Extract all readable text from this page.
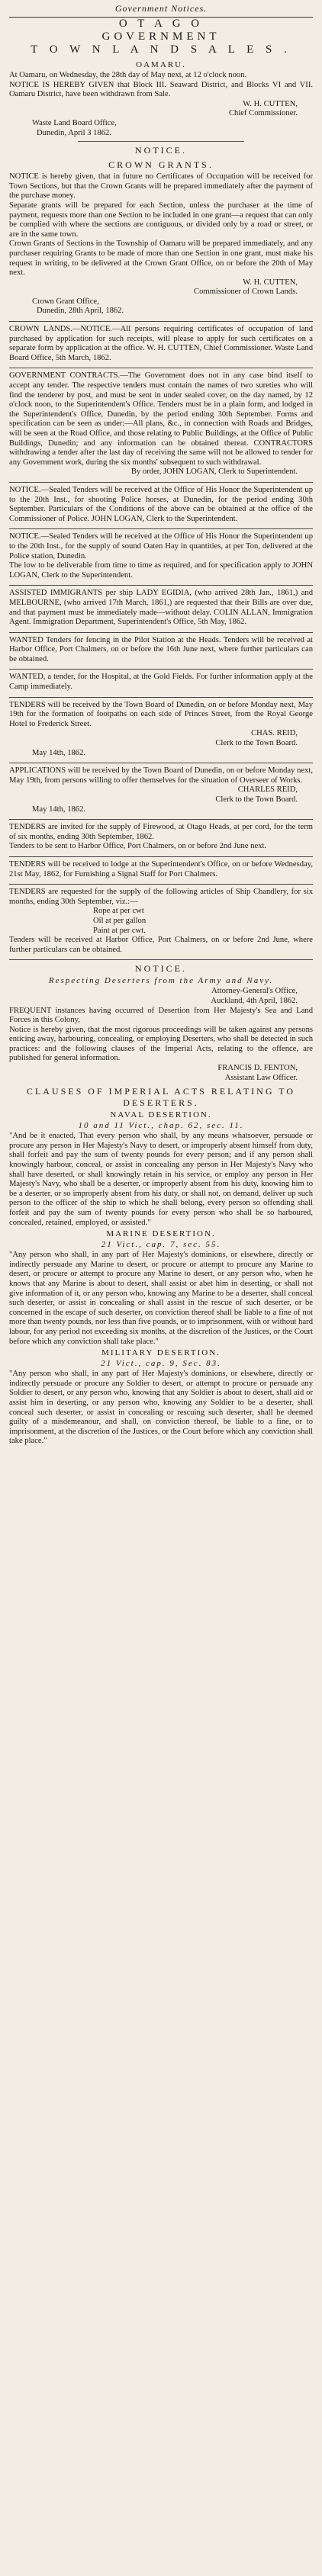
Government Notices.

O T A G O

GOVERNMENT

T O W N L A N D S A L E S .

OAMARU.

At Oamaru, on Wednesday, the 28th day of May next, at 12 o'clock noon.

NOTICE IS HEREBY GIVEN that Block III. Seaward District, and Blocks VI and VII. Oamaru District, have been withdrawn from Sale.

W. H. CUTTEN,

Chief Commissioner.

Waste Land Board Office,

Dunedin, April 3 1862.

NOTICE.

CROWN GRANTS.

NOTICE is hereby given, that in future no Certificates of Occupation will be received for Town Sections, but that the Crown Grants will be prepared immediately after the payment of the purchase money.

Separate grants will be prepared for each Section, unless the purchaser at the time of payment, requests more than one Section to be included in one grant—a request that can only be complied with where the sections are contiguous, or divided only by a road or street, or are in the same town.

Crown Grants of Sections in the Township of Oamaru will be prepared immediately, and any purchaser requiring Grants to be made of more than one Section in one grant, must make his request in writing, to be delivered at the Crown Grant Office, on or before the 20th of May next.

W. H. CUTTEN,

Commissioner of Crown Lands.

Crown Grant Office,

Dunedin, 28th April, 1862.

CROWN LANDS.—NOTICE.—All persons requiring certificates of occupation of land purchased by application for such receipts, will please to apply for such certificates on a separate form by application at the office. W. H. CUTTEN, Chief Commissioner. Waste Land Board Office, 5th March, 1862.

GOVERNMENT CONTRACTS.—The Government does not in any case bind itself to accept any tender. The respective tenders must contain the names of two sureties who will find the tenderer by post, and must be sent in under sealed cover, on the day named, by 12 o'clock noon, to the Superintendent's Office. Tenders must be in a plain form, and lodged in the Superintendent's Office, Dunedin, by the period ending 30th September. Forms and specification can be seen as under:—All plans, &c., in connection with Roads and Bridges, will be seen at the Road Office, and those relating to Public Buildings, at the Office of Public Buildings, Dunedin; and any information can be obtained thereat. CONTRACTORS withdrawing a tender after the last day of receiving the same will not be allowed to tender for any Government work, during the six months' subsequent to such withdrawal.

By order, JOHN LOGAN, Clerk to Superintendent.

NOTICE.—Sealed Tenders will be received at the Office of His Honor the Superintendent up to the 20th Inst., for shooting Police horses, at Dunedin, for the period ending 30th September. Particulars of the Conditions of the above can be obtained at the office of the Commissioner of Police. JOHN LOGAN, Clerk to the Superintendent.

NOTICE.—Sealed Tenders will be received at the Office of His Honor the Superintendent up to the 20th Inst., for the supply of sound Oaten Hay in quantities, at per Ton, delivered at the Police station, Dunedin.

The low to be deliverable from time to time as required, and for specification apply to JOHN LOGAN, Clerk to the Superintendent.

ASSISTED IMMIGRANTS per ship LADY EGIDIA, (who arrived 28th Jan., 1861,) and MELBOURNE, (who arrived 17th March, 1861,) are requested that their Bills are over due, and that payment must be immediately made—without delay. COLIN ALLAN, Immigration Agent. Immigration Department, Superintendent's Office, 5th May, 1862.

WANTED Tenders for fencing in the Pilot Station at the Heads. Tenders will be received at Harbor Office, Port Chalmers, on or before the 16th June next, where further particulars can be obtained.

WANTED, a tender, for the Hospital, at the Gold Fields. For further information apply at the Camp immediately.

TENDERS will be received by the Town Board of Dunedin, on or before Monday next, May 19th for the formation of footpaths on each side of Princes Street, from the Royal George Hotel to Frederick Street.

CHAS. REID,

Clerk to the Town Board.

May 14th, 1862.

APPLICATIONS will be received by the Town Board of Dunedin, on or before Monday next, May 19th, from persons willing to offer themselves for the situation of Overseer of Works.

CHARLES REID,

Clerk to the Town Board.

May 14th, 1862.

TENDERS are invited for the supply of Firewood, at Otago Heads, at per cord, for the term of six months, ending 30th September, 1862.

Tenders to be sent to Harbor Office, Port Chalmers, on or before 2nd June next.

TENDERS will be received to lodge at the Superintendent's Office, on or before Wednesday, 21st May, 1862, for Furnishing a Signal Staff for Port Chalmers.

TENDERS are requested for the supply of the following articles of Ship Chandlery, for six months, ending 30th September, viz.:—

Rope at per cwt

Oil at per gallon

Paint at per cwt.

Tenders will be received at Harbor Office, Port Chalmers, on or before 2nd June, where further particulars can be obtained.

NOTICE.

Respecting Deserters from the Army and Navy.

Attorney-General's Office,

Auckland, 4th April, 1862.

FREQUENT instances having occurred of Desertion from Her Majesty's Sea and Land Forces in this Colony,

Notice is hereby given, that the most rigorous proceedings will be taken against any persons enticing away, harbouring, concealing, or employing Deserters, who shall be detected in such practices: and the following clauses of the Imperial Acts, relating to the offence, are published for general information.

FRANCIS D. FENTON,

Assistant Law Officer.

CLAUSES OF IMPERIAL ACTS RELATING TO DESERTERS.

NAVAL DESERTION.

10 and 11 Vict., chap. 62, sec. 11.

"And be it enacted, That every person who shall, by any means whatsoever, persuade or procure any person in Her Majesty's Navy to desert, or improperly absent himself from duty, shall forfeit and pay the sum of twenty pounds for every person; and if any person shall knowingly harbour, conceal, or assist in concealing any person in Her Majesty's Navy who shall have deserted, or shall knowingly retain in his service, or employ any person in Her Majesty's Navy, who shall be a deserter, or improperly absent from his duty, knowing him to be a deserter, or so improperly absent from his duty, or shall not, on demand, deliver up such person to the officer of the ship to which he shall belong, every person so offending shall forfeit and pay the sum of twenty pounds for every person who shall be so harboured, concealed, retained, employed, or assisted."

MARINE DESERTION.

21 Vict., cap. 7, sec. 55.

"Any person who shall, in any part of Her Majesty's dominions, or elsewhere, directly or indirectly persuade any Marine to desert, or procure or attempt to procure any Marine to desert, or procure or attempt to procure any Marine to desert, or any person who, when he knows that any Marine is about to desert, shall assist or abet him in deserting, or shall not give information of it, or any person who, knowing any Marine to be a deserter, shall conceal such deserter, or assist in concealing or shall assist in the rescue of such deserter, or be concerned in the escape of such deserter, on conviction thereof shall be liable to a fine of not more than twenty pounds, nor less than five pounds, or to imprisonment, with or without hard labour, for any period not exceeding six months, at the discretion of the Justices, or the Court before which any conviction shall take place."

MILITARY DESERTION.

21 Vict., cap. 9, Sec. 83.

"Any person who shall, in any part of Her Majesty's dominions, or elsewhere, directly or indirectly persuade or procure any Soldier to desert, or attempt to procure or persuade any Soldier to desert, or any person who, knowing that any Soldier is about to desert, shall aid or assist him in deserting, or any person who, knowing any Soldier to be a deserter, shall conceal such deserter, or assist in concealing or rescuing such deserter, shall be deemed guilty of a misdemeanour, and shall, on conviction thereof, be liable to a fine, or to imprisonment, at the discretion of the Justices, or the Court before which any conviction shall take place."
